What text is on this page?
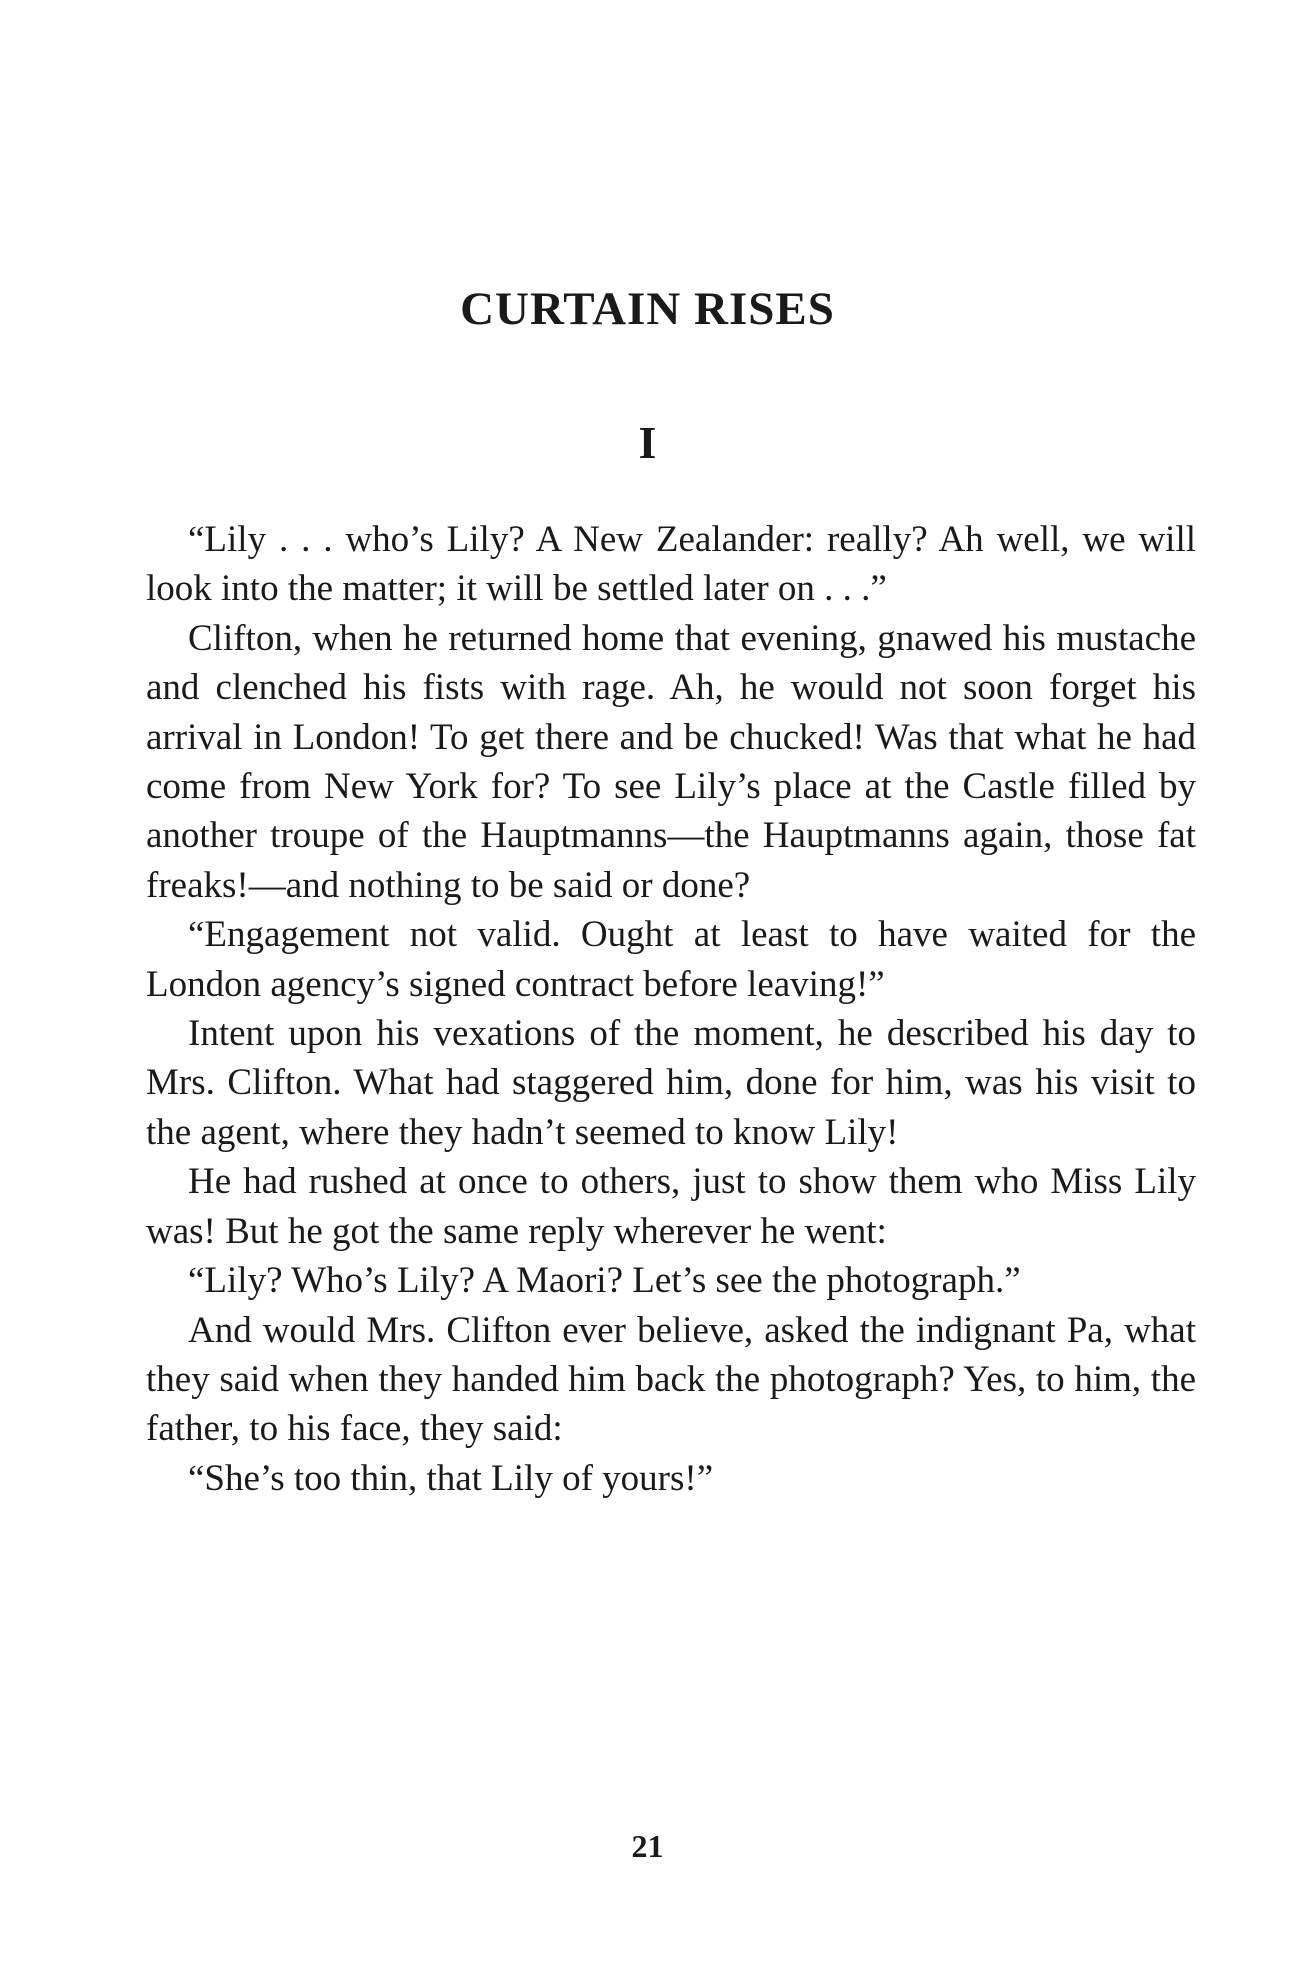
CURTAIN RISES
I

“Lily . . . who’s Lily? A New Zealander: really? Ah well, we will look into the matter; it will be settled later on . . .”

Clifton, when he returned home that evening, gnawed his mustache and clenched his fists with rage. Ah, he would not soon forget his arrival in London! To get there and be chucked! Was that what he had come from New York for? To see Lily’s place at the Castle filled by another troupe of the Hauptmanns—the Hauptmanns again, those fat freaks!—and nothing to be said or done?

“Engagement not valid. Ought at least to have waited for the London agency’s signed contract before leaving!”

Intent upon his vexations of the moment, he described his day to Mrs. Clifton. What had staggered him, done for him, was his visit to the agent, where they hadn’t seemed to know Lily!

He had rushed at once to others, just to show them who Miss Lily was! But he got the same reply wherever he went:

“Lily? Who’s Lily? A Maori? Let’s see the photograph.”

And would Mrs. Clifton ever believe, asked the indignant Pa, what they said when they handed him back the photograph? Yes, to him, the father, to his face, they said:

“She’s too thin, that Lily of yours!”

21
